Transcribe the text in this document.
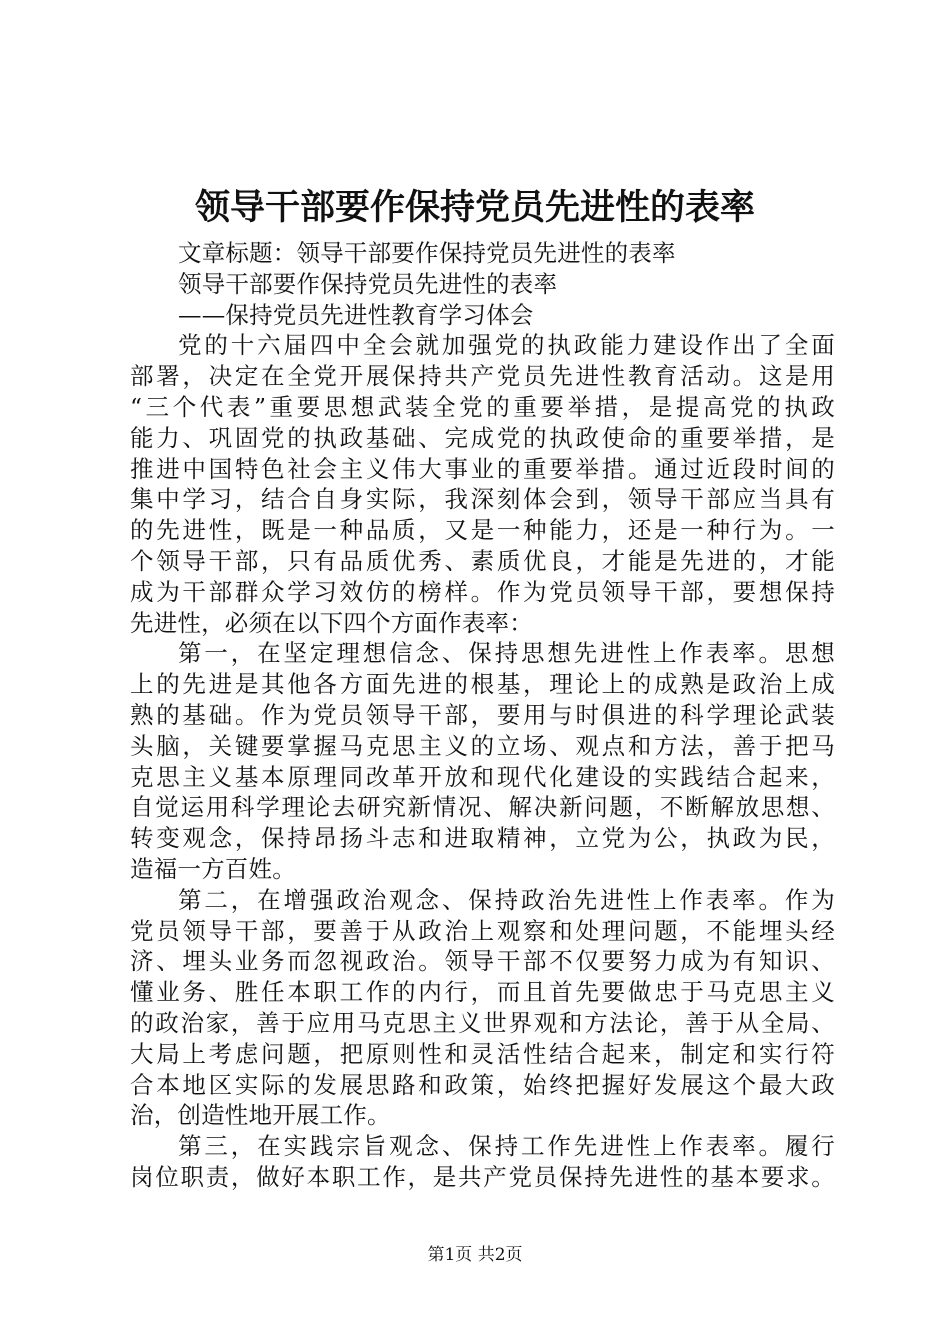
领导干部要作保持党员先进性的表率

文章标题：领导干部要作保持党员先进性的表率

领导干部要作保持党员先进性的表率

——保持党员先进性教育学习体会

党的十六届四中全会就加强党的执政能力建设作出了全面

部署，决定在全党开展保持共产党员先进性教育活动。这是用

“三个代表”重要思想武装全党的重要举措，是提高党的执政

能力、巩固党的执政基础、完成党的执政使命的重要举措，是

推进中国特色社会主义伟大事业的重要举措。通过近段时间的

集中学习，结合自身实际，我深刻体会到，领导干部应当具有

的先进性，既是一种品质，又是一种能力，还是一种行为。一

个领导干部，只有品质优秀、素质优良，才能是先进的，才能

成为干部群众学习效仿的榜样。作为党员领导干部，要想保持

先进性，必须在以下四个方面作表率：

第一，在坚定理想信念、保持思想先进性上作表率。思想

上的先进是其他各方面先进的根基，理论上的成熟是政治上成

熟的基础。作为党员领导干部，要用与时俱进的科学理论武装

头脑，关键要掌握马克思主义的立场、观点和方法，善于把马

克思主义基本原理同改革开放和现代化建设的实践结合起来，

自觉运用科学理论去研究新情况、解决新问题，不断解放思想、

转变观念，保持昂扬斗志和进取精神，立党为公，执政为民，

造福一方百姓。

第二，在增强政治观念、保持政治先进性上作表率。作为

党员领导干部，要善于从政治上观察和处理问题，不能埋头经

济、埋头业务而忽视政治。领导干部不仅要努力成为有知识、

懂业务、胜任本职工作的内行，而且首先要做忠于马克思主义

的政治家，善于应用马克思主义世界观和方法论，善于从全局、

大局上考虑问题，把原则性和灵活性结合起来，制定和实行符

合本地区实际的发展思路和政策，始终把握好发展这个最大政

治，创造性地开展工作。

第三，在实践宗旨观念、保持工作先进性上作表率。履行

岗位职责，做好本职工作，是共产党员保持先进性的基本要求。

第1页 共2页
